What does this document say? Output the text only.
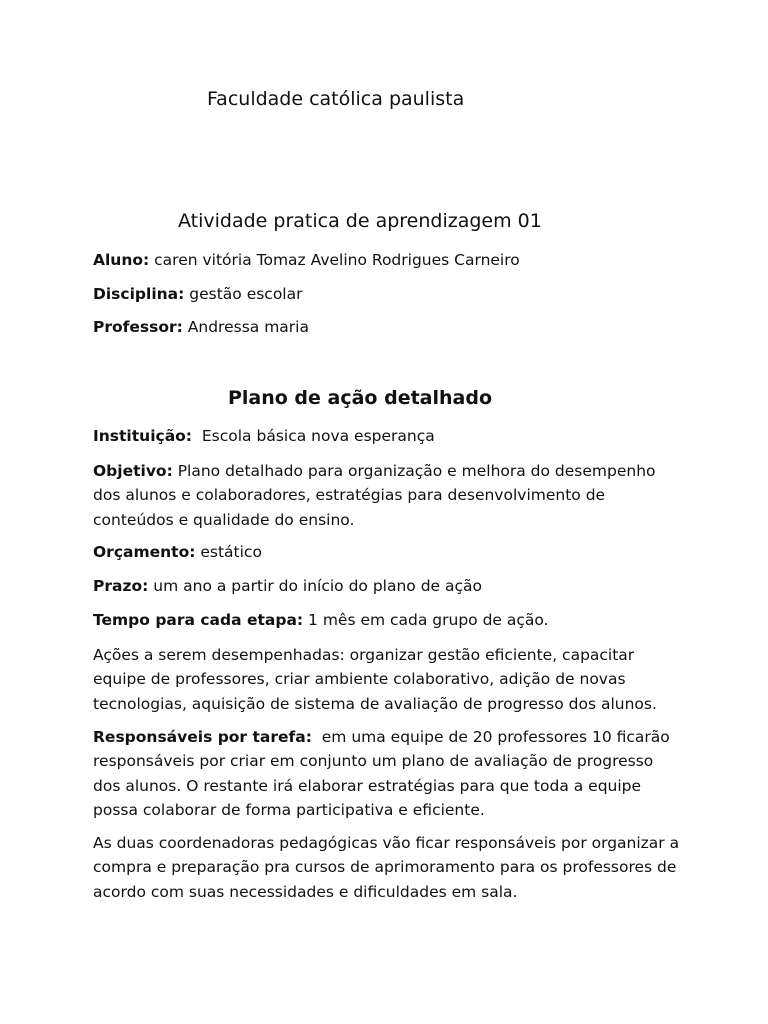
Faculdade católica paulista
Atividade pratica de aprendizagem 01
Aluno: caren vitória Tomaz Avelino Rodrigues Carneiro
Disciplina: gestão escolar
Professor: Andressa maria
Plano de ação detalhado
Instituição:  Escola básica nova esperança
Objetivo: Plano detalhado para organização e melhora do desempenho dos alunos e colaboradores, estratégias para desenvolvimento de conteúdos e qualidade do ensino.
Orçamento: estático
Prazo: um ano a partir do início do plano de ação
Tempo para cada etapa: 1 mês em cada grupo de ação.
Ações a serem desempenhadas: organizar gestão eficiente, capacitar equipe de professores, criar ambiente colaborativo, adição de novas tecnologias, aquisição de sistema de avaliação de progresso dos alunos.
Responsáveis por tarefa:  em uma equipe de 20 professores 10 ficarão responsáveis por criar em conjunto um plano de avaliação de progresso dos alunos. O restante irá elaborar estratégias para que toda a equipe possa colaborar de forma participativa e eficiente.
As duas coordenadoras pedagógicas vão ficar responsáveis por organizar a compra e preparação pra cursos de aprimoramento para os professores de acordo com suas necessidades e dificuldades em sala.
